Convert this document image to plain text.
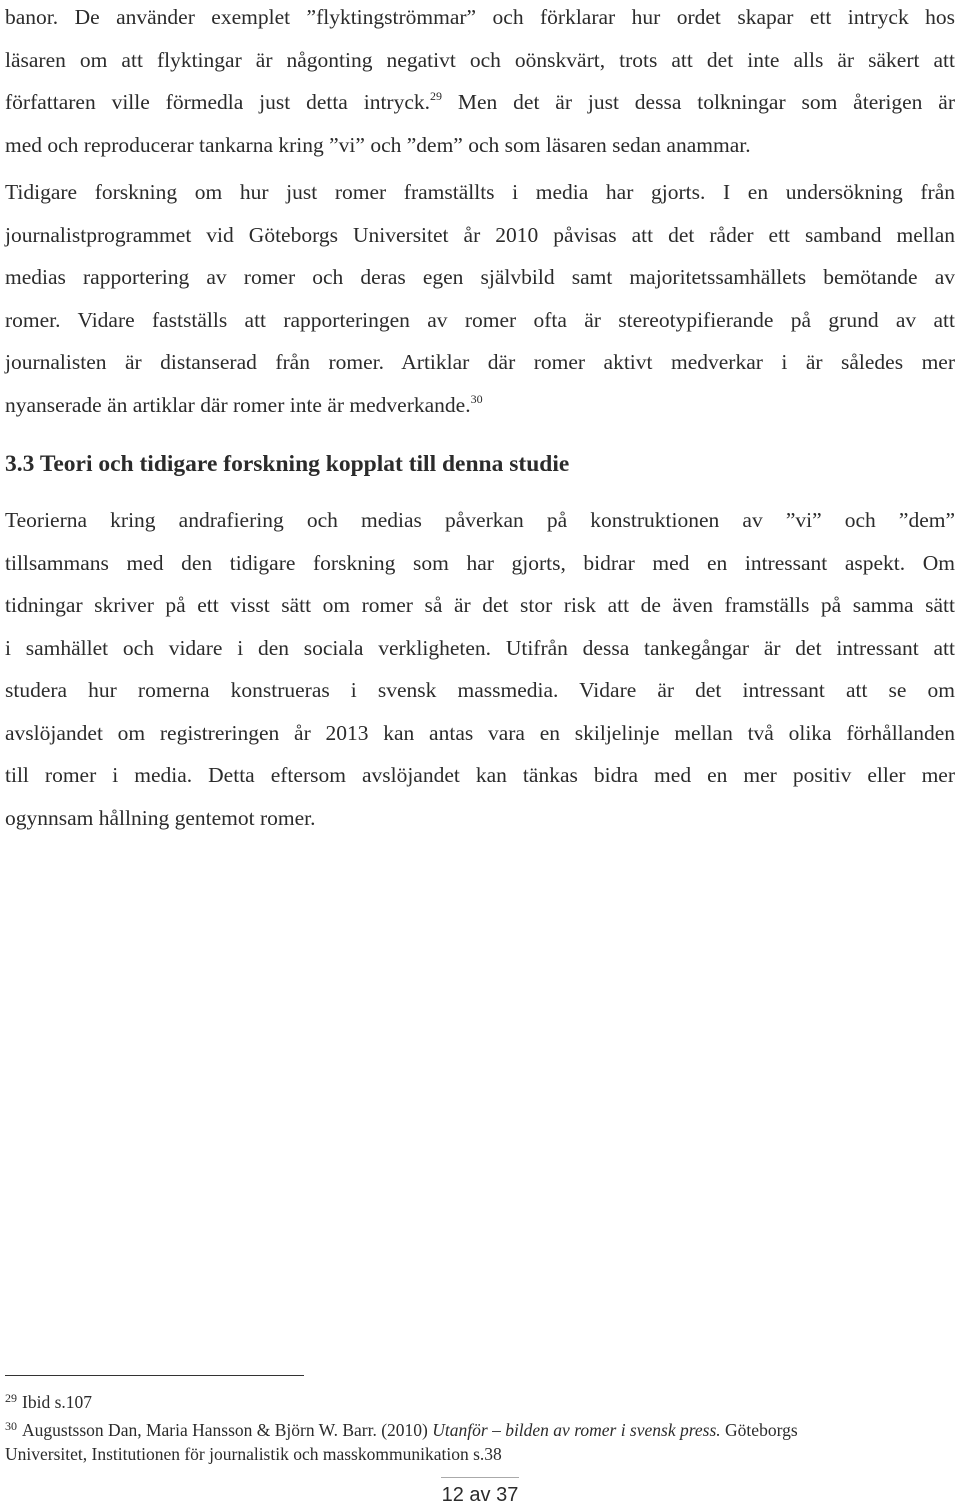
banor. De använder exemplet ”flyktingströmmar” och förklarar hur ordet skapar ett intryck hos
läsaren om att flyktingar är någonting negativt och oönskvärt, trots att det inte alls är säkert att
författaren ville förmedla just detta intryck.$^{29}$ Men det är just dessa tolkningar som återigen är
med och reproducerar tankarna kring ”vi” och ”dem” och som läsaren sedan anammar.
Tidigare forskning om hur just romer framställts i media har gjorts. I en undersökning från
journalistprogrammet vid Göteborgs Universitet år 2010 påvisas att det råder ett samband mellan
medias rapportering av romer och deras egen självbild samt majoritetssamhällets bemötande av
romer. Vidare fastställs att rapporteringen av romer ofta är stereotypifierande på grund av att
journalisten är distanserad från romer. Artiklar där romer aktivt medverkar i är således mer
nyanserade än artiklar där romer inte är medverkande.$^{30}$
3.3 Teori och tidigare forskning kopplat till denna studie
Teorierna kring andrafiering och medias påverkan på konstruktionen av ”vi” och ”dem”
tillsammans med den tidigare forskning som har gjorts, bidrar med en intressant aspekt. Om
tidningar skriver på ett visst sätt om romer så är det stor risk att de även framställs på samma sätt
i samhället och vidare i den sociala verkligheten. Utifrån dessa tankegångar är det intressant att
studera hur romerna konstrueras i svensk massmedia. Vidare är det intressant att se om
avslöjandet om registreringen år 2013 kan antas vara en skiljelinje mellan två olika förhållanden
till romer i media. Detta eftersom avslöjandet kan tänkas bidra med en mer positiv eller mer
ogynnsam hållning gentemot romer.

$^{29}$ Ibid s.107

$^{30}$ Augustsson Dan, Maria Hansson & Björn W. Barr. (2010) Utanför – bilden av romer i svensk press. Göteborgs

Universitet, Institutionen för journalistik och masskommunikation s.38

12 av 37
